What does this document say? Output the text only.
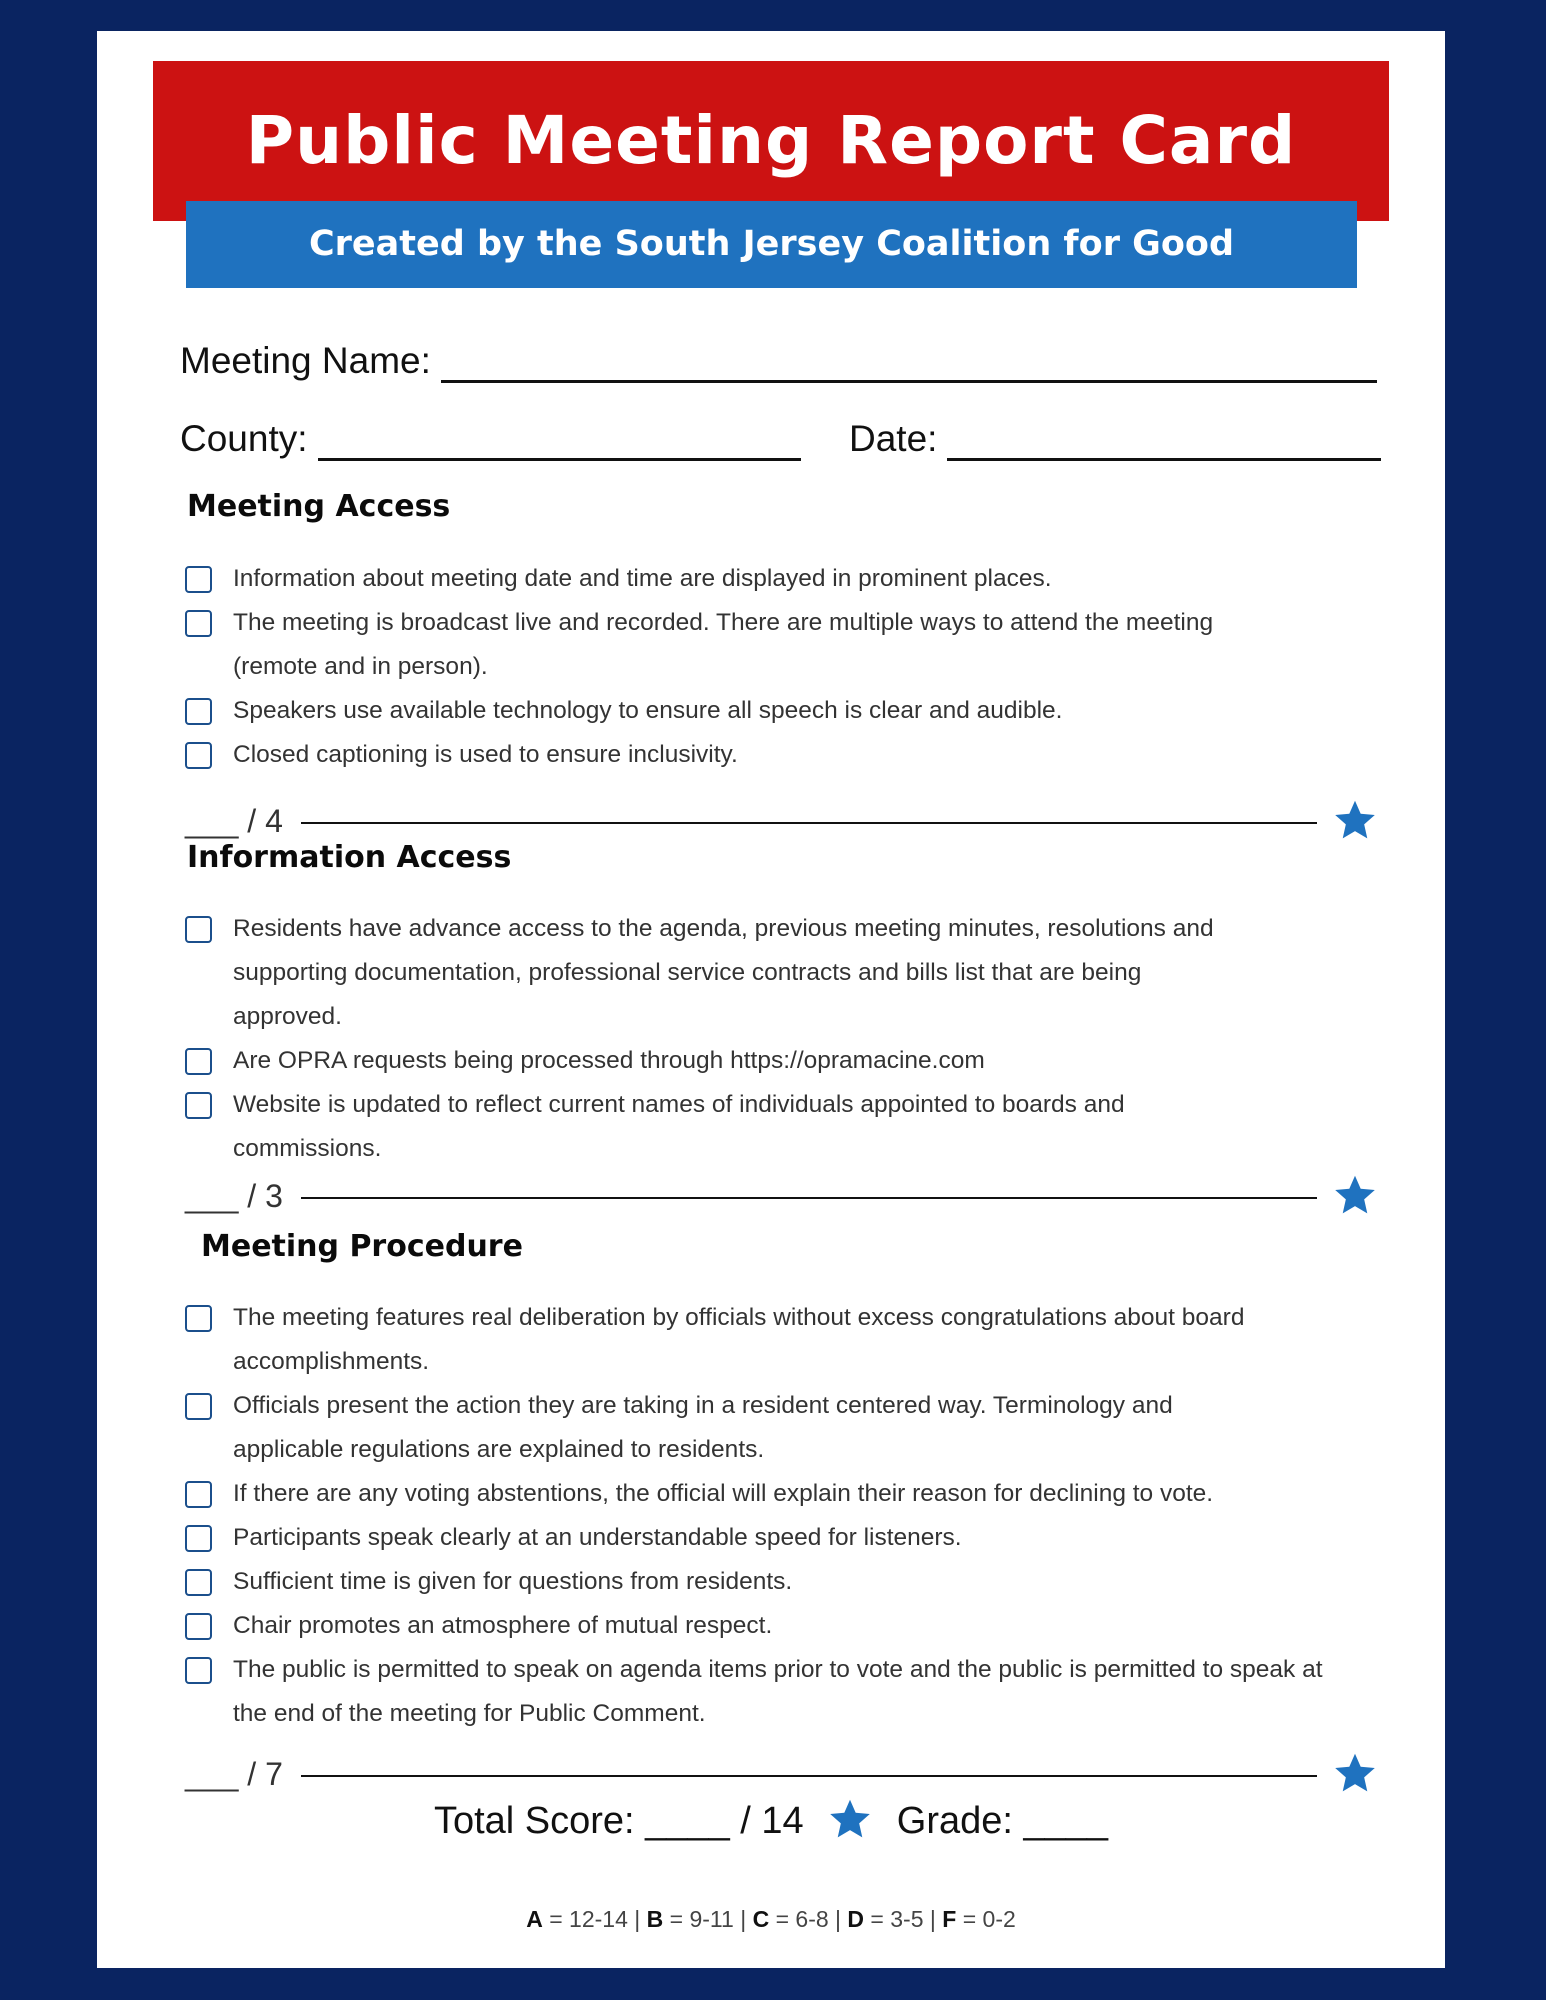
Public Meeting Report Card
Created by the South Jersey Coalition for Good Government
Meeting Name:
County:	Date:
Meeting Access
Information about meeting date and time are displayed in prominent places.
The meeting is broadcast live and recorded. There are multiple ways to attend the meeting (remote and in person).
Speakers use available technology to ensure all speech is clear and audible.
Closed captioning is used to ensure inclusivity.
___ / 4
Information Access
Residents have advance access to the agenda, previous meeting minutes, resolutions and supporting documentation, professional service contracts and bills list that are being approved.
Are OPRA requests being processed through https://opramacine.com
Website is updated to reflect current names of individuals appointed to boards and commissions.
___ / 3
Meeting Procedure
The meeting features real deliberation by officials without excess congratulations about board accomplishments.
Officials present the action they are taking in a resident centered way. Terminology and applicable regulations are explained to residents.
If there are any voting abstentions, the official will explain their reason for declining to vote.
Participants speak clearly at an understandable speed for listeners.
Sufficient time is given for questions from residents.
Chair promotes an atmosphere of mutual respect.
The public is permitted to speak on agenda items prior to vote and the public is permitted to speak at the end of the meeting for Public Comment.
___ / 7
Total Score: ____ / 14 Grade: ____
A = 12-14 | B = 9-11 | C = 6-8 | D = 3-5 | F = 0-2
